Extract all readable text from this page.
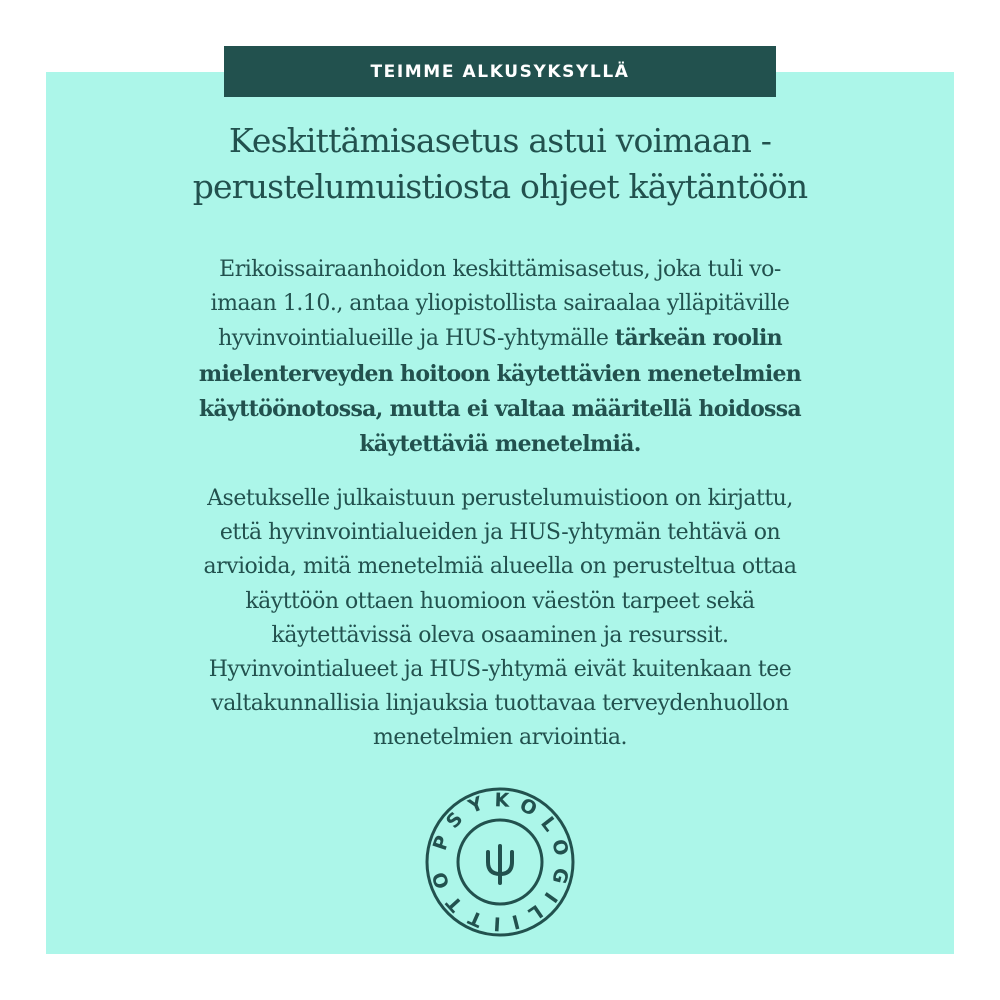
TEIMME ALKUSYKSYLLÄ
Keskittämisasetus astui voimaan -
perustelumuistiosta ohjeet käytäntöön

Erikoissairaanhoidon keskittämisasetus, joka tuli vo-
imaan 1.10., antaa yliopistollista sairaalaa ylläpitäville
hyvinvointialueille ja HUS-yhtymälle tärkeän roolin
mielenterveyden hoitoon käytettävien menetelmien
käyttöönotossa, mutta ei valtaa määritellä hoidossa
käytettäviä menetelmiä.

Asetukselle julkaistuun perustelumuistioon on kirjattu,
että hyvinvointialueiden ja HUS-yhtymän tehtävä on
arvioida, mitä menetelmiä alueella on perusteltua ottaa
käyttöön ottaen huomioon väestön tarpeet sekä
käytettävissä oleva osaaminen ja resurssit.
Hyvinvointialueet ja HUS-yhtymä eivät kuitenkaan tee
valtakunnallisia linjauksia tuottavaa terveydenhuollon
menetelmien arviointia.

PSYKOLOGILIITTO
